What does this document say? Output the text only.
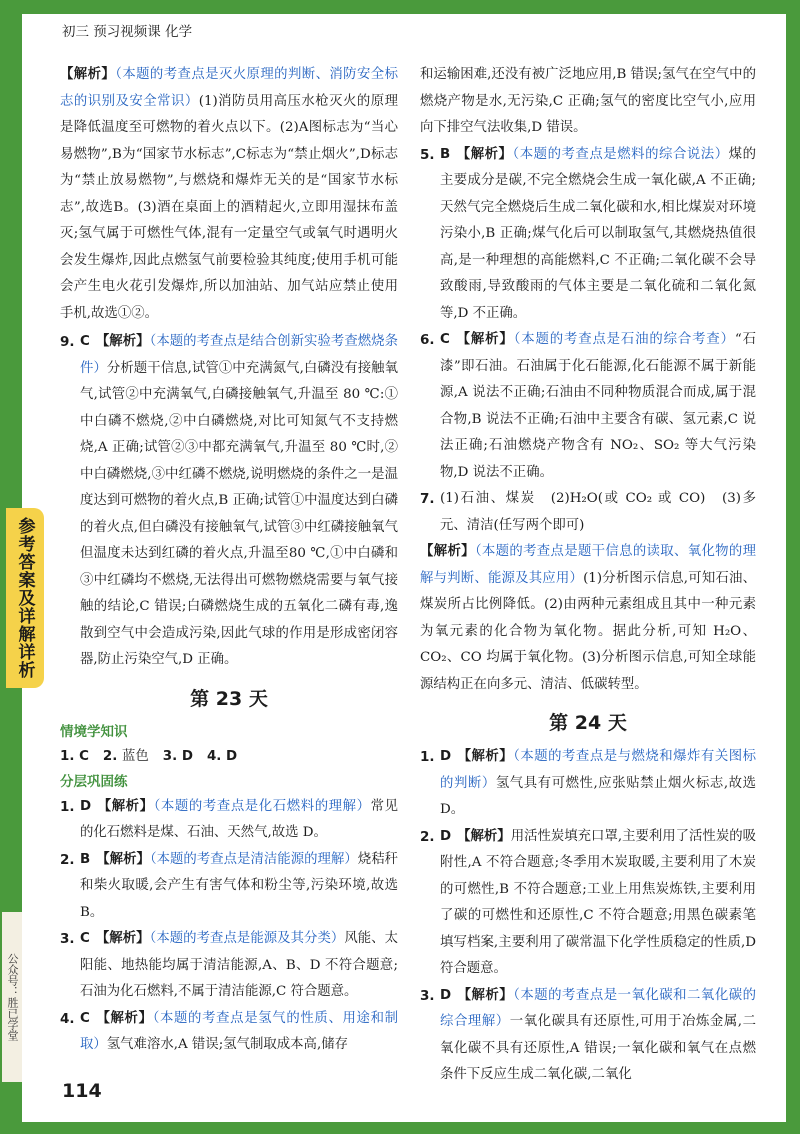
参考答案及详解详析
公众号：胜已学堂
初三 预习视频课 化学

【解析】（本题的考查点是灭火原理的判断、消防安全标志的识别及安全常识）(1)消防员用高压水枪灭火的原理是降低温度至可燃物的着火点以下。(2)A图标志为“当心易燃物”,B为“国家节水标志”,C标志为“禁止烟火”,D标志为“禁止放易燃物”,与燃烧和爆炸无关的是“国家节水标志”,故选B。(3)酒在桌面上的酒精起火,立即用湿抹布盖灭;氢气属于可燃性气体,混有一定量空气或氧气时遇明火会发生爆炸,因此点燃氢气前要检验其纯度;使用手机可能会产生电火花引发爆炸,所以加油站、加气站应禁止使用手机,故选①②。

9. C 【解析】（本题的考查点是结合创新实验考查燃烧条件）分析题干信息,试管①中充满氮气,白磷没有接触氧气,试管②中充满氧气,白磷接触氧气,升温至 80 ℃:①中白磷不燃烧,②中白磷燃烧,对比可知氮气不支持燃烧,A 正确;试管②③中都充满氧气,升温至 80 ℃时,②中白磷燃烧,③中红磷不燃烧,说明燃烧的条件之一是温度达到可燃物的着火点,B 正确;试管①中温度达到白磷的着火点,但白磷没有接触氧气,试管③中红磷接触氧气但温度未达到红磷的着火点,升温至80 ℃,①中白磷和③中红磷均不燃烧,无法得出可燃物燃烧需要与氧气接触的结论,C 错误;白磷燃烧生成的五氧化二磷有毒,逸散到空气中会造成污染,因此气球的作用是形成密闭容器,防止污染空气,D 正确。

第 23 天
情境学知识
1. C 2. 蓝色 3. D 4. D
分层巩固练
1. D 【解析】（本题的考查点是化石燃料的理解）常见的化石燃料是煤、石油、天然气,故选 D。

2. B 【解析】（本题的考查点是清洁能源的理解）烧秸秆和柴火取暖,会产生有害气体和粉尘等,污染环境,故选 B。

3. C 【解析】（本题的考查点是能源及其分类）风能、太阳能、地热能均属于清洁能源,A、B、D 不符合题意;石油为化石燃料,不属于清洁能源,C 符合题意。

4. C 【解析】（本题的考查点是氢气的性质、用途和制取）氢气难溶水,A 错误;氢气制取成本高,储存

和运输困难,还没有被广泛地应用,B 错误;氢气在空气中的燃烧产物是水,无污染,C 正确;氢气的密度比空气小,应用向下排空气法收集,D 错误。

5. B 【解析】（本题的考查点是燃料的综合说法）煤的主要成分是碳,不完全燃烧会生成一氧化碳,A 不正确;天然气完全燃烧后生成二氧化碳和水,相比煤炭对环境污染小,B 正确;煤气化后可以制取氢气,其燃烧热值很高,是一种理想的高能燃料,C 不正确;二氧化碳不会导致酸雨,导致酸雨的气体主要是二氧化硫和二氧化氮等,D 不正确。

6. C 【解析】（本题的考查点是石油的综合考查）“石漆”即石油。石油属于化石能源,化石能源不属于新能源,A 说法不正确;石油由不同种物质混合而成,属于混合物,B 说法不正确;石油中主要含有碳、氢元素,C 说法正确;石油燃烧产物含有 NO₂、SO₂ 等大气污染物,D 说法不正确。

7. (1)石油、煤炭　(2)H₂O(或 CO₂ 或 CO)　(3)多元、清洁(任写两个即可)

【解析】（本题的考查点是题干信息的读取、氧化物的理解与判断、能源及其应用）(1)分析图示信息,可知石油、煤炭所占比例降低。(2)由两种元素组成且其中一种元素为氧元素的化合物为氧化物。据此分析,可知 H₂O、CO₂、CO 均属于氧化物。(3)分析图示信息,可知全球能源结构正在向多元、清洁、低碳转型。

第 24 天
1. D 【解析】（本题的考查点是与燃烧和爆炸有关图标的判断）氢气具有可燃性,应张贴禁止烟火标志,故选 D。

2. D 【解析】用活性炭填充口罩,主要利用了活性炭的吸附性,A 不符合题意;冬季用木炭取暖,主要利用了木炭的可燃性,B 不符合题意;工业上用焦炭炼铁,主要利用了碳的可燃性和还原性,C 不符合题意;用黑色碳素笔填写档案,主要利用了碳常温下化学性质稳定的性质,D 符合题意。

3. D 【解析】（本题的考查点是一氧化碳和二氧化碳的综合理解）一氧化碳具有还原性,可用于冶炼金属,二氧化碳不具有还原性,A 错误;一氧化碳和氧气在点燃条件下反应生成二氧化碳,二氧化

114
